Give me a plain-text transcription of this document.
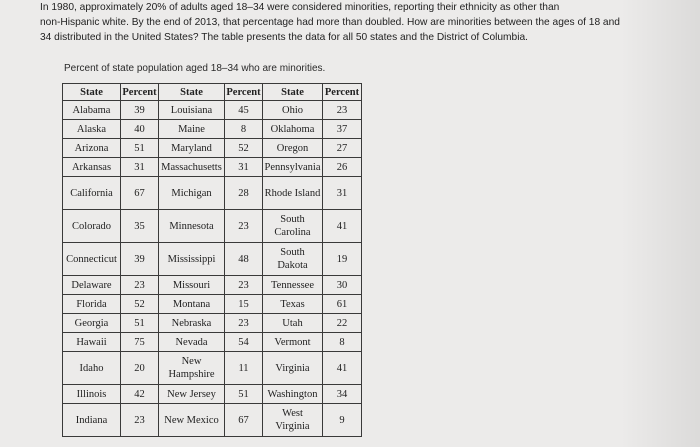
In 1980, approximately 20% of adults aged 18–34 were considered minorities, reporting their ethnicity as other than

non-Hispanic white. By the end of 2013, that percentage had more than doubled. How are minorities between the ages of 18 and

34 distributed in the United States? The table presents the data for all 50 states and the District of Columbia.

Percent of state population aged 18–34 who are minorities.
State	Percent	State	Percent	State	Percent
Alabama	39	Louisiana	45	Ohio	23
Alaska	40	Maine	8	Oklahoma	37
Arizona	51	Maryland	52	Oregon	27
Arkansas	31	Massachusetts	31	Pennsylvania	26
California	67	Michigan	28	Rhode Island	31
Colorado	35	Minnesota	23	South Carolina	41
Connecticut	39	Mississippi	48	South Dakota	19
Delaware	23	Missouri	23	Tennessee	30
Florida	52	Montana	15	Texas	61
Georgia	51	Nebraska	23	Utah	22
Hawaii	75	Nevada	54	Vermont	8
Idaho	20	New Hampshire	11	Virginia	41
Illinois	42	New Jersey	51	Washington	34
Indiana	23	New Mexico	67	West Virginia	9
